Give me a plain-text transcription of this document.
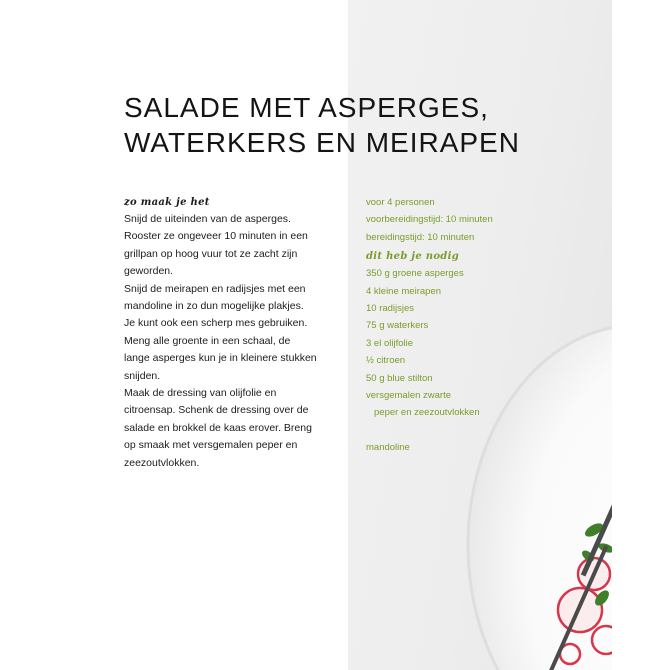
SALADE MET ASPERGES,
WATERKERS EN MEIRAPEN
zo maak je het
Snijd de uiteinden van de asperges.
Rooster ze ongeveer 10 minuten in een
grillpan op hoog vuur tot ze zacht zijn
geworden.
Snijd de meirapen en radijsjes met een
mandoline in zo dun mogelijke plakjes.
Je kunt ook een scherp mes gebruiken.
Meng alle groente in een schaal, de
lange asperges kun je in kleinere stukken
snijden.
Maak de dressing van olijfolie en
citroensap. Schenk de dressing over de
salade en brokkel de kaas erover. Breng
op smaak met versgemalen peper en
zeezoutvlokken.
voor 4 personen
voorbereidingstijd: 10 minuten
bereidingstijd: 10 minuten
dit heb je nodig
350 g groene asperges
4 kleine meirapen
10 radijsjes
75 g waterkers
3 el olijfolie
½ citroen
50 g blue stilton
versgemalen zwarte
peper en zeezoutvlokken
mandoline
